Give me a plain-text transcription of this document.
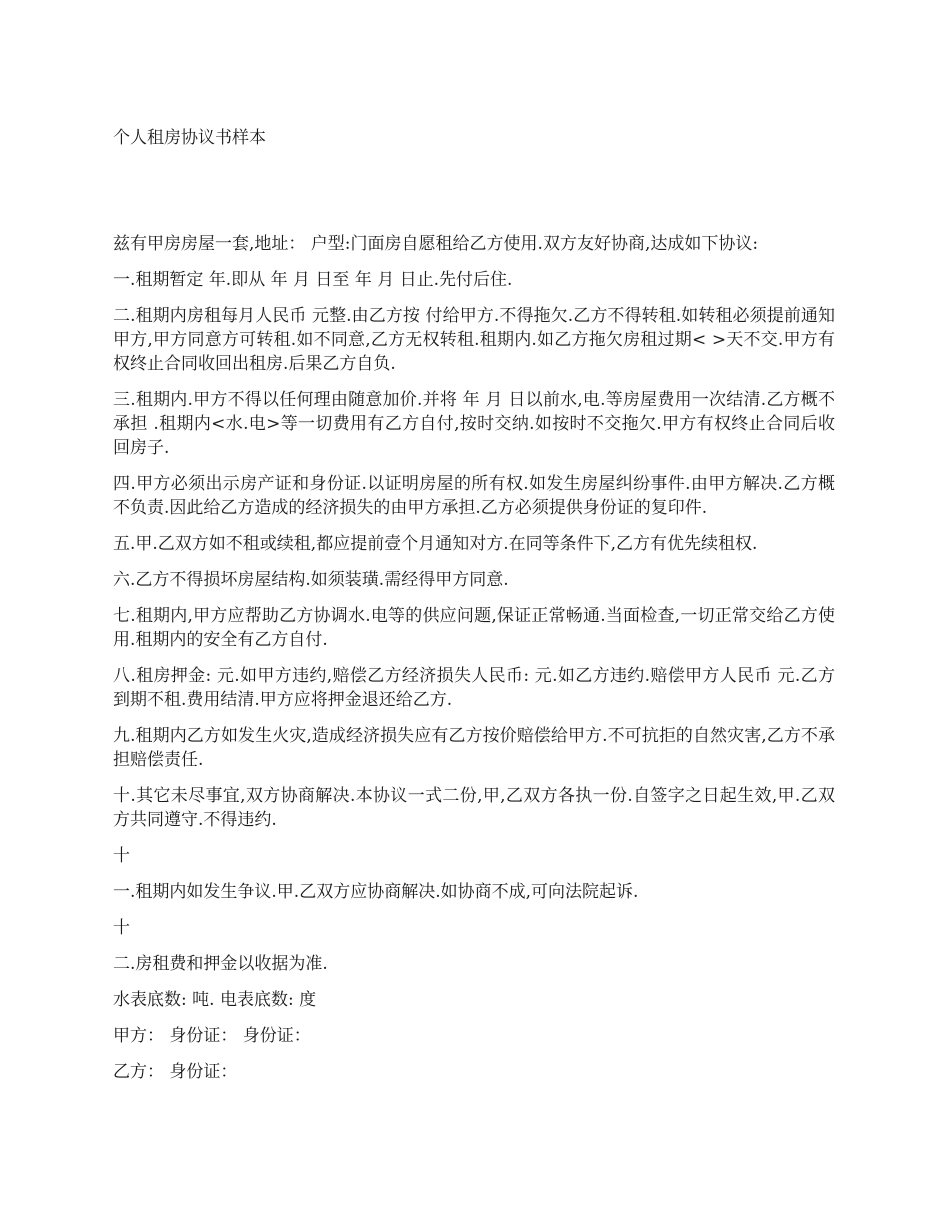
个人租房协议书样本

兹有甲房房屋一套,地址： 户型:门面房自愿租给乙方使用.双方友好协商,达成如下协议:

一.租期暂定 年.即从 年 月 日至 年 月 日止.先付后住.

二.租期内房租每月人民币 元整.由乙方按 付给甲方.不得拖欠.乙方不得转租.如转租必须提前通知甲方,甲方同意方可转租.如不同意,乙方无权转租.租期内.如乙方拖欠房租过期< >天不交.甲方有权终止合同收回出租房.后果乙方自负.

三.租期内.甲方不得以任何理由随意加价.并将 年 月 日以前水,电.等房屋费用一次结清.乙方概不承担 .租期内<水.电>等一切费用有乙方自付,按时交纳.如按时不交拖欠.甲方有权终止合同后收回房子.

四.甲方必须出示房产证和身份证.以证明房屋的所有权.如发生房屋纠纷事件.由甲方解决.乙方概不负责.因此给乙方造成的经济损失的由甲方承担.乙方必须提供身份证的复印件.

五.甲.乙双方如不租或续租,都应提前壹个月通知对方.在同等条件下,乙方有优先续租权.

六.乙方不得损坏房屋结构.如须装璜.需经得甲方同意.

七.租期内,甲方应帮助乙方协调水.电等的供应问题,保证正常畅通.当面检查,一切正常交给乙方使用.租期内的安全有乙方自付.

八.租房押金: 元.如甲方违约,赔偿乙方经济损失人民币: 元.如乙方违约.赔偿甲方人民币 元.乙方到期不租.费用结清.甲方应将押金退还给乙方.

九.租期内乙方如发生火灾,造成经济损失应有乙方按价赔偿给甲方.不可抗拒的自然灾害,乙方不承担赔偿责任.

十.其它未尽事宜,双方协商解决.本协议一式二份,甲,乙双方各执一份.自签字之日起生效,甲.乙双方共同遵守.不得违约.

十

一.租期内如发生争议.甲.乙双方应协商解决.如协商不成,可向法院起诉.

十

二.房租费和押金以收据为准.

水表底数: 吨. 电表底数: 度

甲方： 身份证： 身份证：

乙方： 身份证：
